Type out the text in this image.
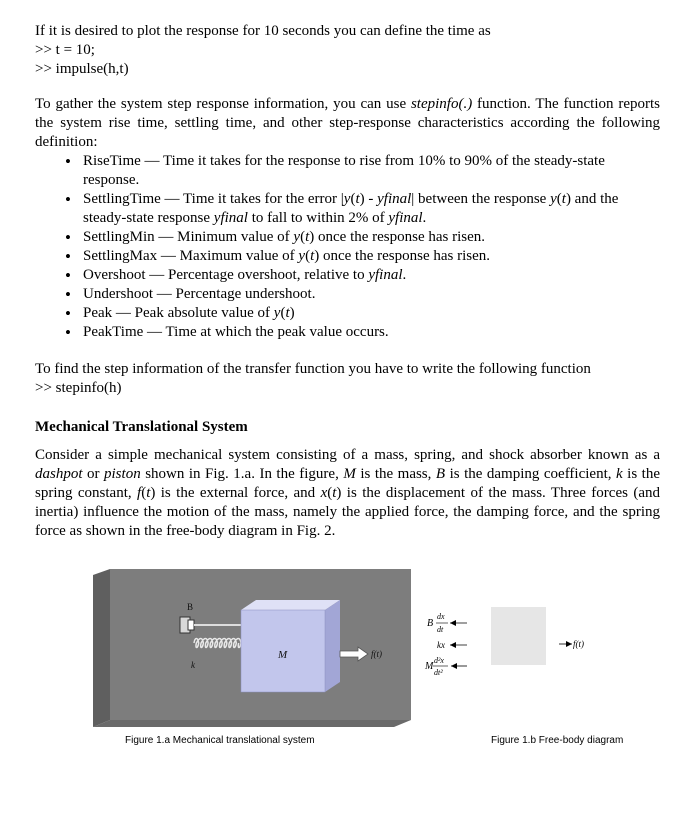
If it is desired to plot the response for 10 seconds you can define the time as
>> t = 10;
>> impulse(h,t)
To gather the system step response information, you can use stepinfo(.) function. The function reports the system rise time, settling time, and other step-response characteristics according the following definition:
• RiseTime — Time it takes for the response to rise from 10% to 90% of the steady-state response.
• SettlingTime — Time it takes for the error |y(t) - yfinal| between the response y(t) and the steady-state response yfinal to fall to within 2% of yfinal.
• SettlingMin — Minimum value of y(t) once the response has risen.
• SettlingMax — Maximum value of y(t) once the response has risen.
• Overshoot — Percentage overshoot, relative to yfinal.
• Undershoot — Percentage undershoot.
• Peak — Peak absolute value of y(t)
• PeakTime — Time at which the peak value occurs.
To find the step information of the transfer function you have to write the following function
>> stepinfo(h)
Mechanical Translational System
Consider a simple mechanical system consisting of a mass, spring, and shock absorber known as a dashpot or piston shown in Fig. 1.a. In the figure, M is the mass, B is the damping coefficient, k is the spring constant, f(t) is the external force, and x(t) is the displacement of the mass. Three forces (and inertia) influence the motion of the mass, namely the applied force, the damping force, and the spring force as shown in the free-body diagram in Fig. 2.
B
k
M	f(t)
B
dx
dt
kx
M
d²x
dt²
f(t)
Figure 1.a Mechanical translational system	Figure 1.b Free-body diagram
